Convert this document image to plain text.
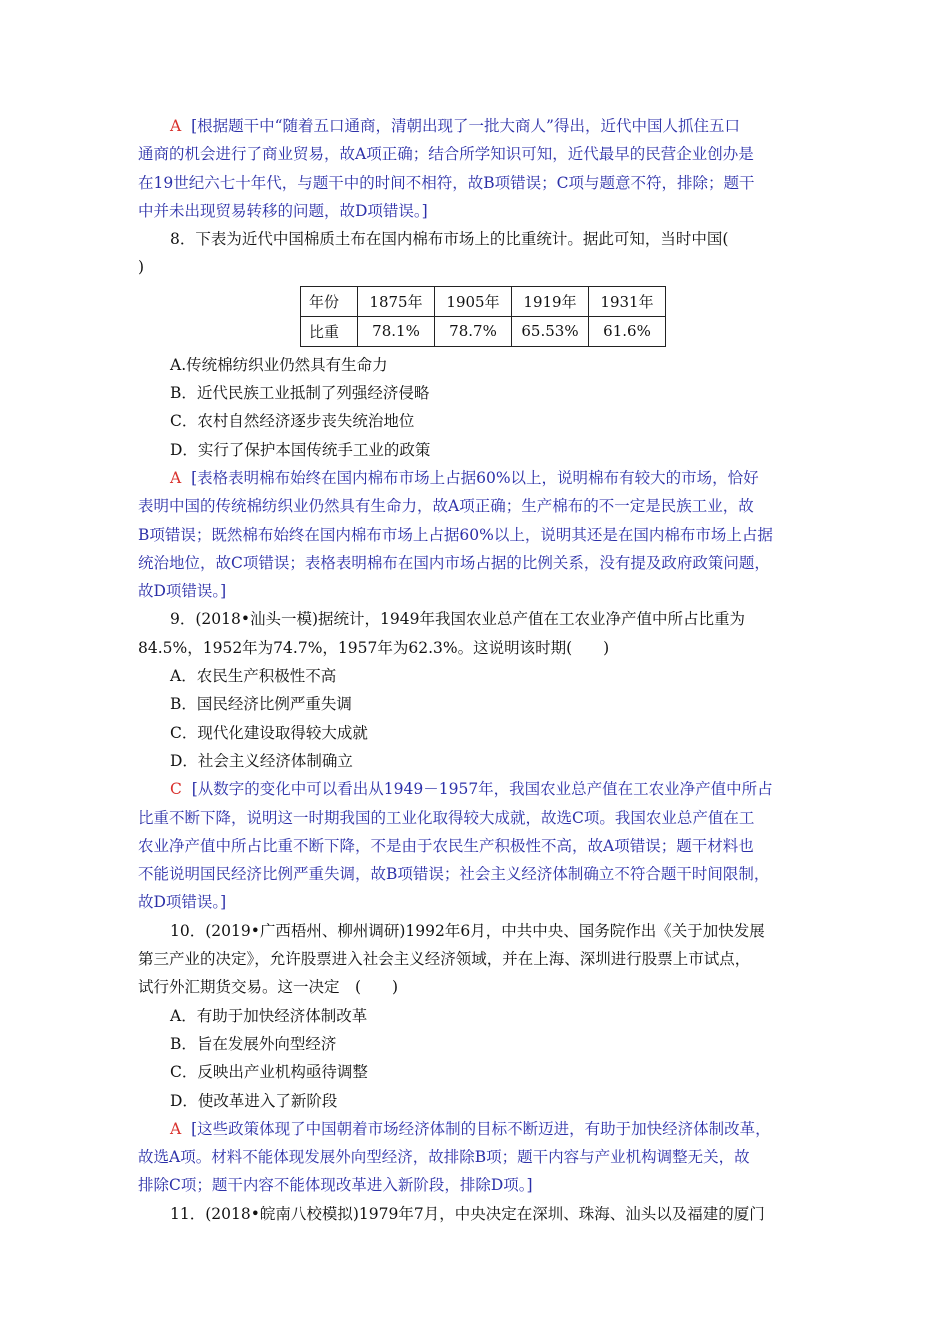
A [根据题干中“随着五口通商，清朝出现了一批大商人”得出，近代中国人抓住五口
通商的机会进行了商业贸易，故A项正确；结合所学知识可知，近代最早的民营企业创办是
在19世纪六七十年代，与题干中的时间不相符，故B项错误；C项与题意不符，排除；题干
中并未出现贸易转移的问题，故D项错误。]
8．下表为近代中国棉质土布在国内棉布市场上的比重统计。据此可知，当时中国(
)
年份	1875年	1905年	1919年	1931年
比重	78.1%	78.7%	65.53%	61.6%
A.传统棉纺织业仍然具有生命力
B．近代民族工业抵制了列强经济侵略
C．农村自然经济逐步丧失统治地位
D．实行了保护本国传统手工业的政策
A [表格表明棉布始终在国内棉布市场上占据60%以上，说明棉布有较大的市场，恰好
表明中国的传统棉纺织业仍然具有生命力，故A项正确；生产棉布的不一定是民族工业，故
B项错误；既然棉布始终在国内棉布市场上占据60%以上，说明其还是在国内棉布市场上占据
统治地位，故C项错误；表格表明棉布在国内市场占据的比例关系，没有提及政府政策问题，
故D项错误。]
9．(2018•汕头一模)据统计，1949年我国农业总产值在工农业净产值中所占比重为
84.5%，1952年为74.7%，1957年为62.3%。这说明该时期(　　)
A．农民生产积极性不高
B．国民经济比例严重失调
C．现代化建设取得较大成就
D．社会主义经济体制确立
C [从数字的变化中可以看出从1949－1957年，我国农业总产值在工农业净产值中所占
比重不断下降，说明这一时期我国的工业化取得较大成就，故选C项。我国农业总产值在工
农业净产值中所占比重不断下降，不是由于农民生产积极性不高，故A项错误；题干材料也
不能说明国民经济比例严重失调，故B项错误；社会主义经济体制确立不符合题干时间限制，
故D项错误。]
10．(2019•广西梧州、柳州调研)1992年6月，中共中央、国务院作出《关于加快发展
第三产业的决定》，允许股票进入社会主义经济领域，并在上海、深圳进行股票上市试点，
试行外汇期货交易。这一决定　(　　)
A．有助于加快经济体制改革
B．旨在发展外向型经济
C．反映出产业机构亟待调整
D．使改革进入了新阶段
A [这些政策体现了中国朝着市场经济体制的目标不断迈进，有助于加快经济体制改革，
故选A项。材料不能体现发展外向型经济，故排除B项；题干内容与产业机构调整无关，故
排除C项；题干内容不能体现改革进入新阶段，排除D项。]
11．(2018•皖南八校模拟)1979年7月，中央决定在深圳、珠海、汕头以及福建的厦门
